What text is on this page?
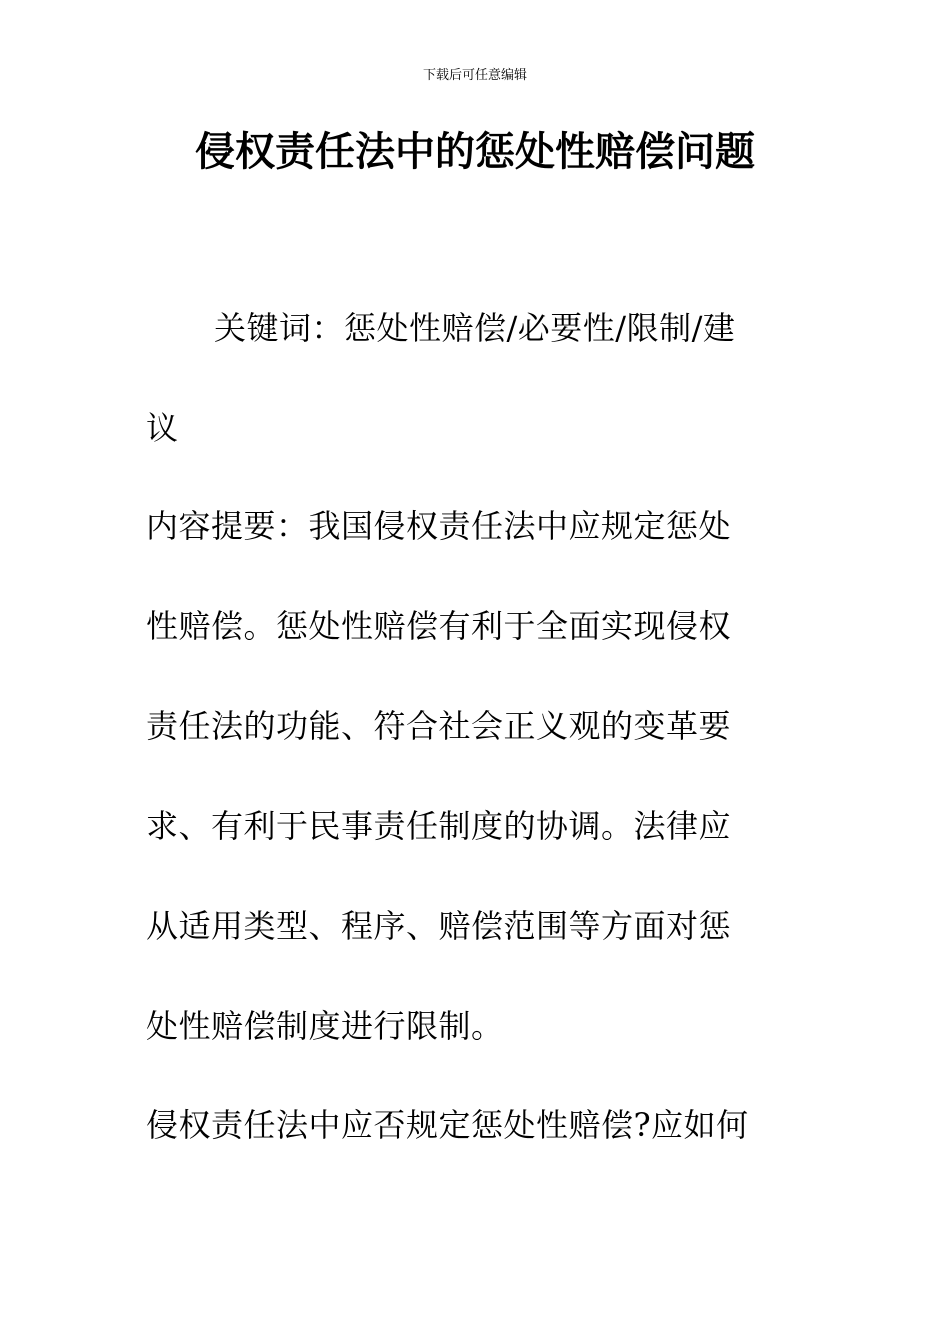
下载后可任意编辑
侵权责任法中的惩处性赔偿问题
关键词：惩处性赔偿/必要性/限制/建
议
内容提要：我国侵权责任法中应规定惩处
性赔偿。惩处性赔偿有利于全面实现侵权
责任法的功能、符合社会正义观的变革要
求、有利于民事责任制度的协调。法律应
从适用类型、程序、赔偿范围等方面对惩
处性赔偿制度进行限制。
侵权责任法中应否规定惩处性赔偿?应如何
